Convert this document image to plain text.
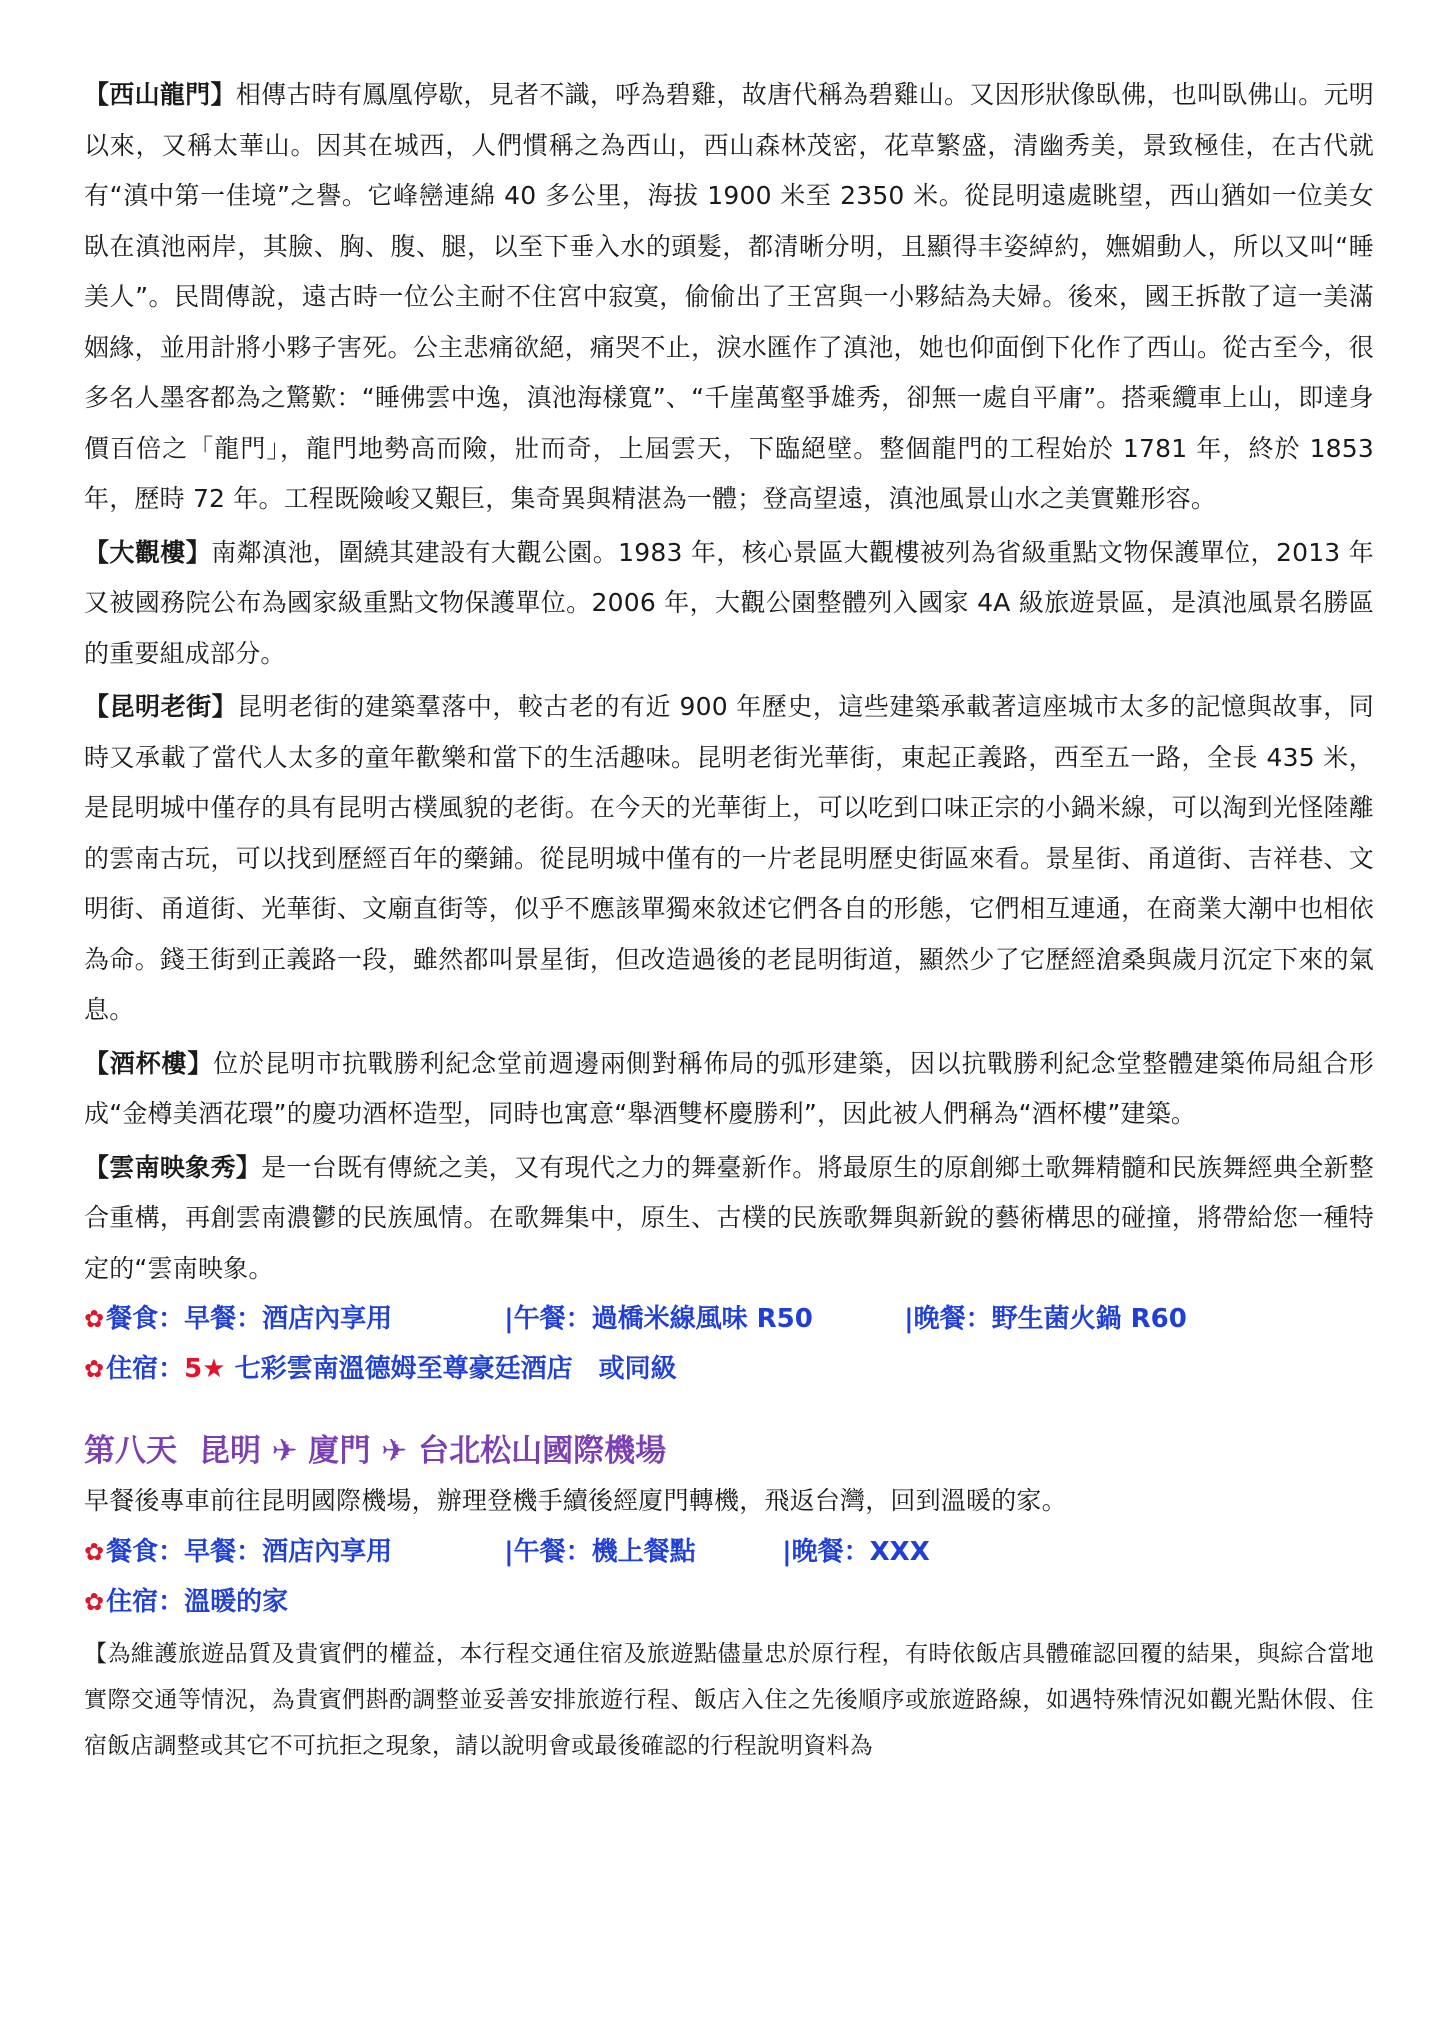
【西山龍門】相傳古時有鳳凰停歇，見者不識，呼為碧雞，故唐代稱為碧雞山。又因形狀像臥佛，也叫臥佛山。元明以來，又稱太華山。因其在城西，人們慣稱之為西山，西山森林茂密，花草繁盛，清幽秀美，景致極佳，在古代就有“滇中第一佳境”之譽。它峰巒連綿 40 多公里，海拔 1900 米至 2350 米。從昆明遠處眺望，西山猶如一位美女臥在滇池兩岸，其臉、胸、腹、腿，以至下垂入水的頭髮，都清晰分明，且顯得丰姿綽約，嫵媚動人，所以又叫“睡美人”。民間傳說，遠古時一位公主耐不住宮中寂寞，偷偷出了王宮與一小夥結為夫婦。後來，國王拆散了這一美滿姻緣，並用計將小夥子害死。公主悲痛欲絕，痛哭不止，淚水匯作了滇池，她也仰面倒下化作了西山。從古至今，很多名人墨客都為之驚歎：“睡佛雲中逸，滇池海樣寬”、“千崖萬壑爭雄秀，卻無一處自平庸”。搭乘纜車上山，即達身價百倍之「龍門」，龍門地勢高而險，壯而奇，上屆雲天，下臨絕壁。整個龍門的工程始於 1781 年，終於 1853 年，歷時 72 年。工程既險峻又艱巨，集奇異與精湛為一體；登高望遠，滇池風景山水之美實難形容。

【大觀樓】南鄰滇池，圍繞其建設有大觀公園。1983 年，核心景區大觀樓被列為省級重點文物保護單位，2013 年又被國務院公布為國家級重點文物保護單位。2006 年，大觀公園整體列入國家 4A 級旅遊景區，是滇池風景名勝區的重要組成部分。

【昆明老街】昆明老街的建築羣落中，較古老的有近 900 年歷史，這些建築承載著這座城市太多的記憶與故事，同時又承載了當代人太多的童年歡樂和當下的生活趣味。昆明老街光華街，東起正義路，西至五一路，全長 435 米，是昆明城中僅存的具有昆明古樸風貌的老街。在今天的光華街上，可以吃到口味正宗的小鍋米線，可以淘到光怪陸離的雲南古玩，可以找到歷經百年的藥鋪。從昆明城中僅有的一片老昆明歷史街區來看。景星街、甬道街、吉祥巷、文明街、甬道街、光華街、文廟直街等，似乎不應該單獨來敘述它們各自的形態，它們相互連通，在商業大潮中也相依為命。錢王街到正義路一段，雖然都叫景星街，但改造過後的老昆明街道，顯然少了它歷經滄桑與歲月沉定下來的氣息。

【酒杯樓】位於昆明市抗戰勝利紀念堂前週邊兩側對稱佈局的弧形建築，因以抗戰勝利紀念堂整體建築佈局組合形成“金樽美酒花環”的慶功酒杯造型，同時也寓意“舉酒雙杯慶勝利”，因此被人們稱為“酒杯樓”建築。

【雲南映象秀】是一台既有傳統之美，又有現代之力的舞臺新作。將最原生的原創鄉土歌舞精髓和民族舞經典全新整合重構，再創雲南濃鬱的民族風情。在歌舞集中，原生、古樸的民族歌舞與新銳的藝術構思的碰撞，將帶給您一種特定的“雲南映象。

✿餐食：早餐：酒店內享用	|午餐：過橋米線風味 R50	|晚餐：野生菌火鍋 R60

✿住宿：5★ 七彩雲南溫德姆至尊豪廷酒店　或同級

第八天 昆明 ✈ 廈門 ✈ 台北松山國際機場

早餐後專車前往昆明國際機場，辦理登機手續後經廈門轉機，飛返台灣，回到溫暖的家。

✿餐食：早餐：酒店內享用	|午餐：機上餐點	|晚餐：XXX

✿住宿：溫暖的家

【為維護旅遊品質及貴賓們的權益，本行程交通住宿及旅遊點儘量忠於原行程，有時依飯店具體確認回覆的結果，與綜合當地實際交通等情況，為貴賓們斟酌調整並妥善安排旅遊行程、飯店入住之先後順序或旅遊路線，如遇特殊情況如觀光點休假、住宿飯店調整或其它不可抗拒之現象，請以說明會或最後確認的行程說明資料為
